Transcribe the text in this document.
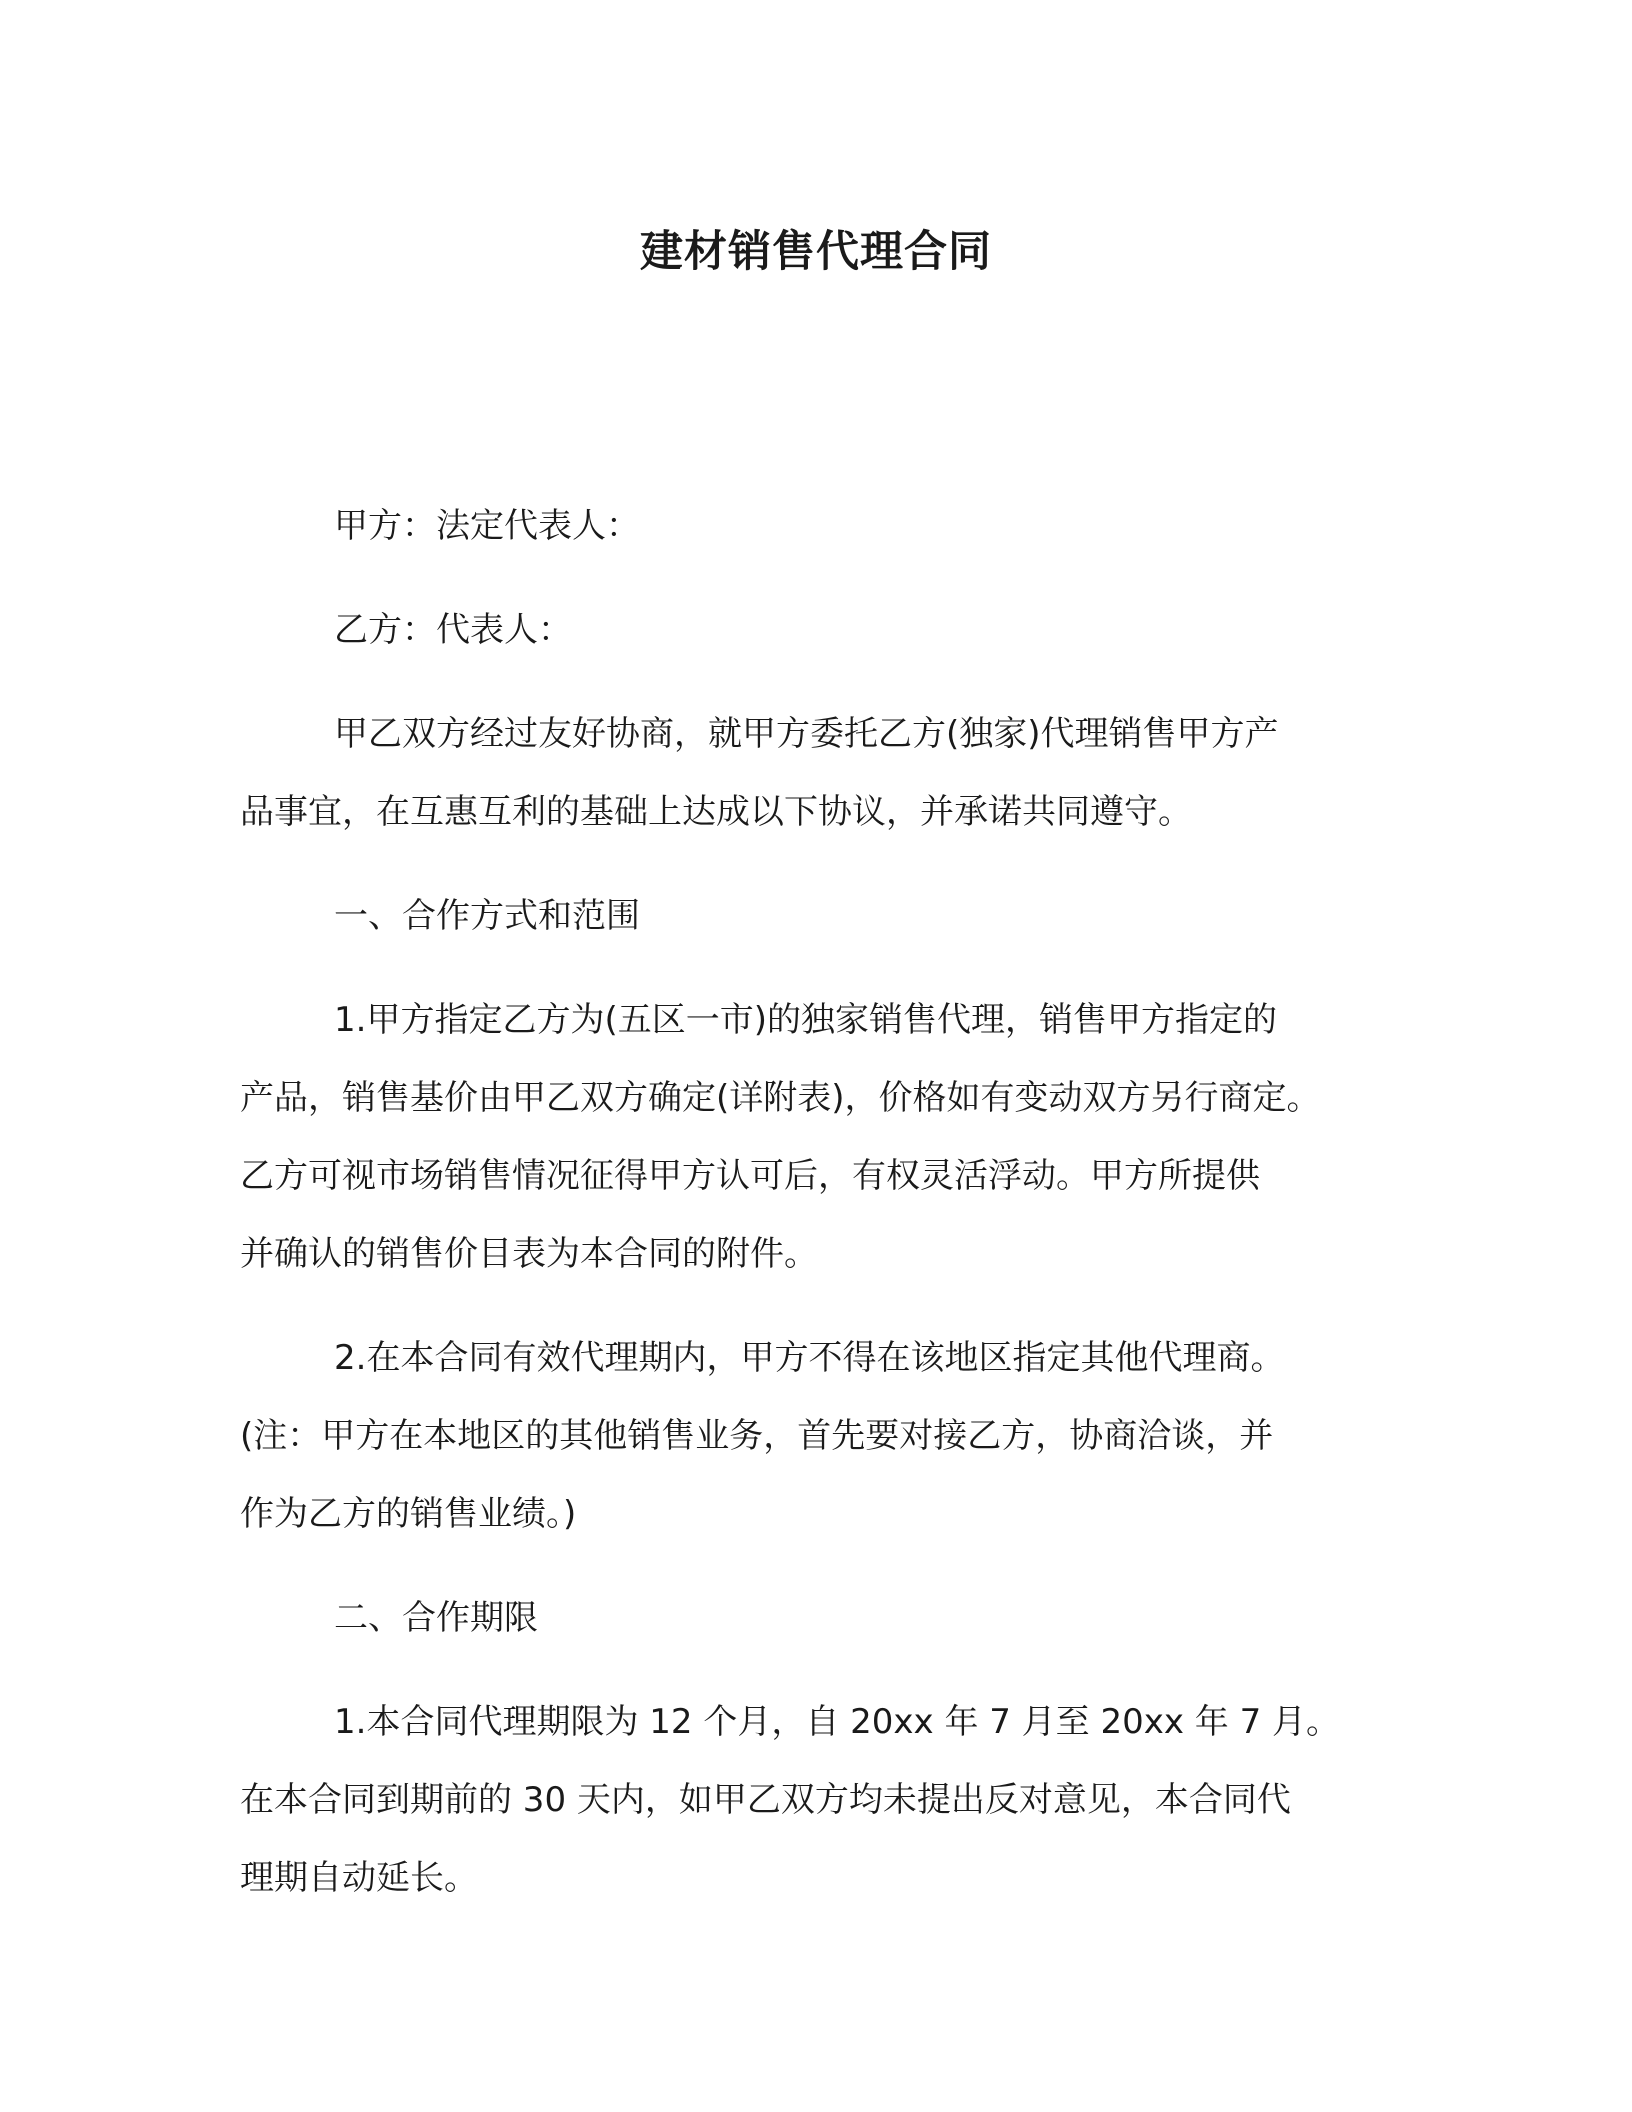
建材销售代理合同

甲方：法定代表人：

乙方：代表人：

甲乙双方经过友好协商，就甲方委托乙方(独家)代理销售甲方产
品事宜，在互惠互利的基础上达成以下协议，并承诺共同遵守。

一、合作方式和范围

1.甲方指定乙方为(五区一市)的独家销售代理，销售甲方指定的
产品，销售基价由甲乙双方确定(详附表)，价格如有变动双方另行商定。
乙方可视市场销售情况征得甲方认可后，有权灵活浮动。甲方所提供
并确认的销售价目表为本合同的附件。

2.在本合同有效代理期内，甲方不得在该地区指定其他代理商。
(注：甲方在本地区的其他销售业务，首先要对接乙方，协商洽谈，并
作为乙方的销售业绩。)

二、合作期限

1.本合同代理期限为 12 个月，自 20xx 年 7 月至 20xx 年 7 月。
在本合同到期前的 30 天内，如甲乙双方均未提出反对意见，本合同代
理期自动延长。
